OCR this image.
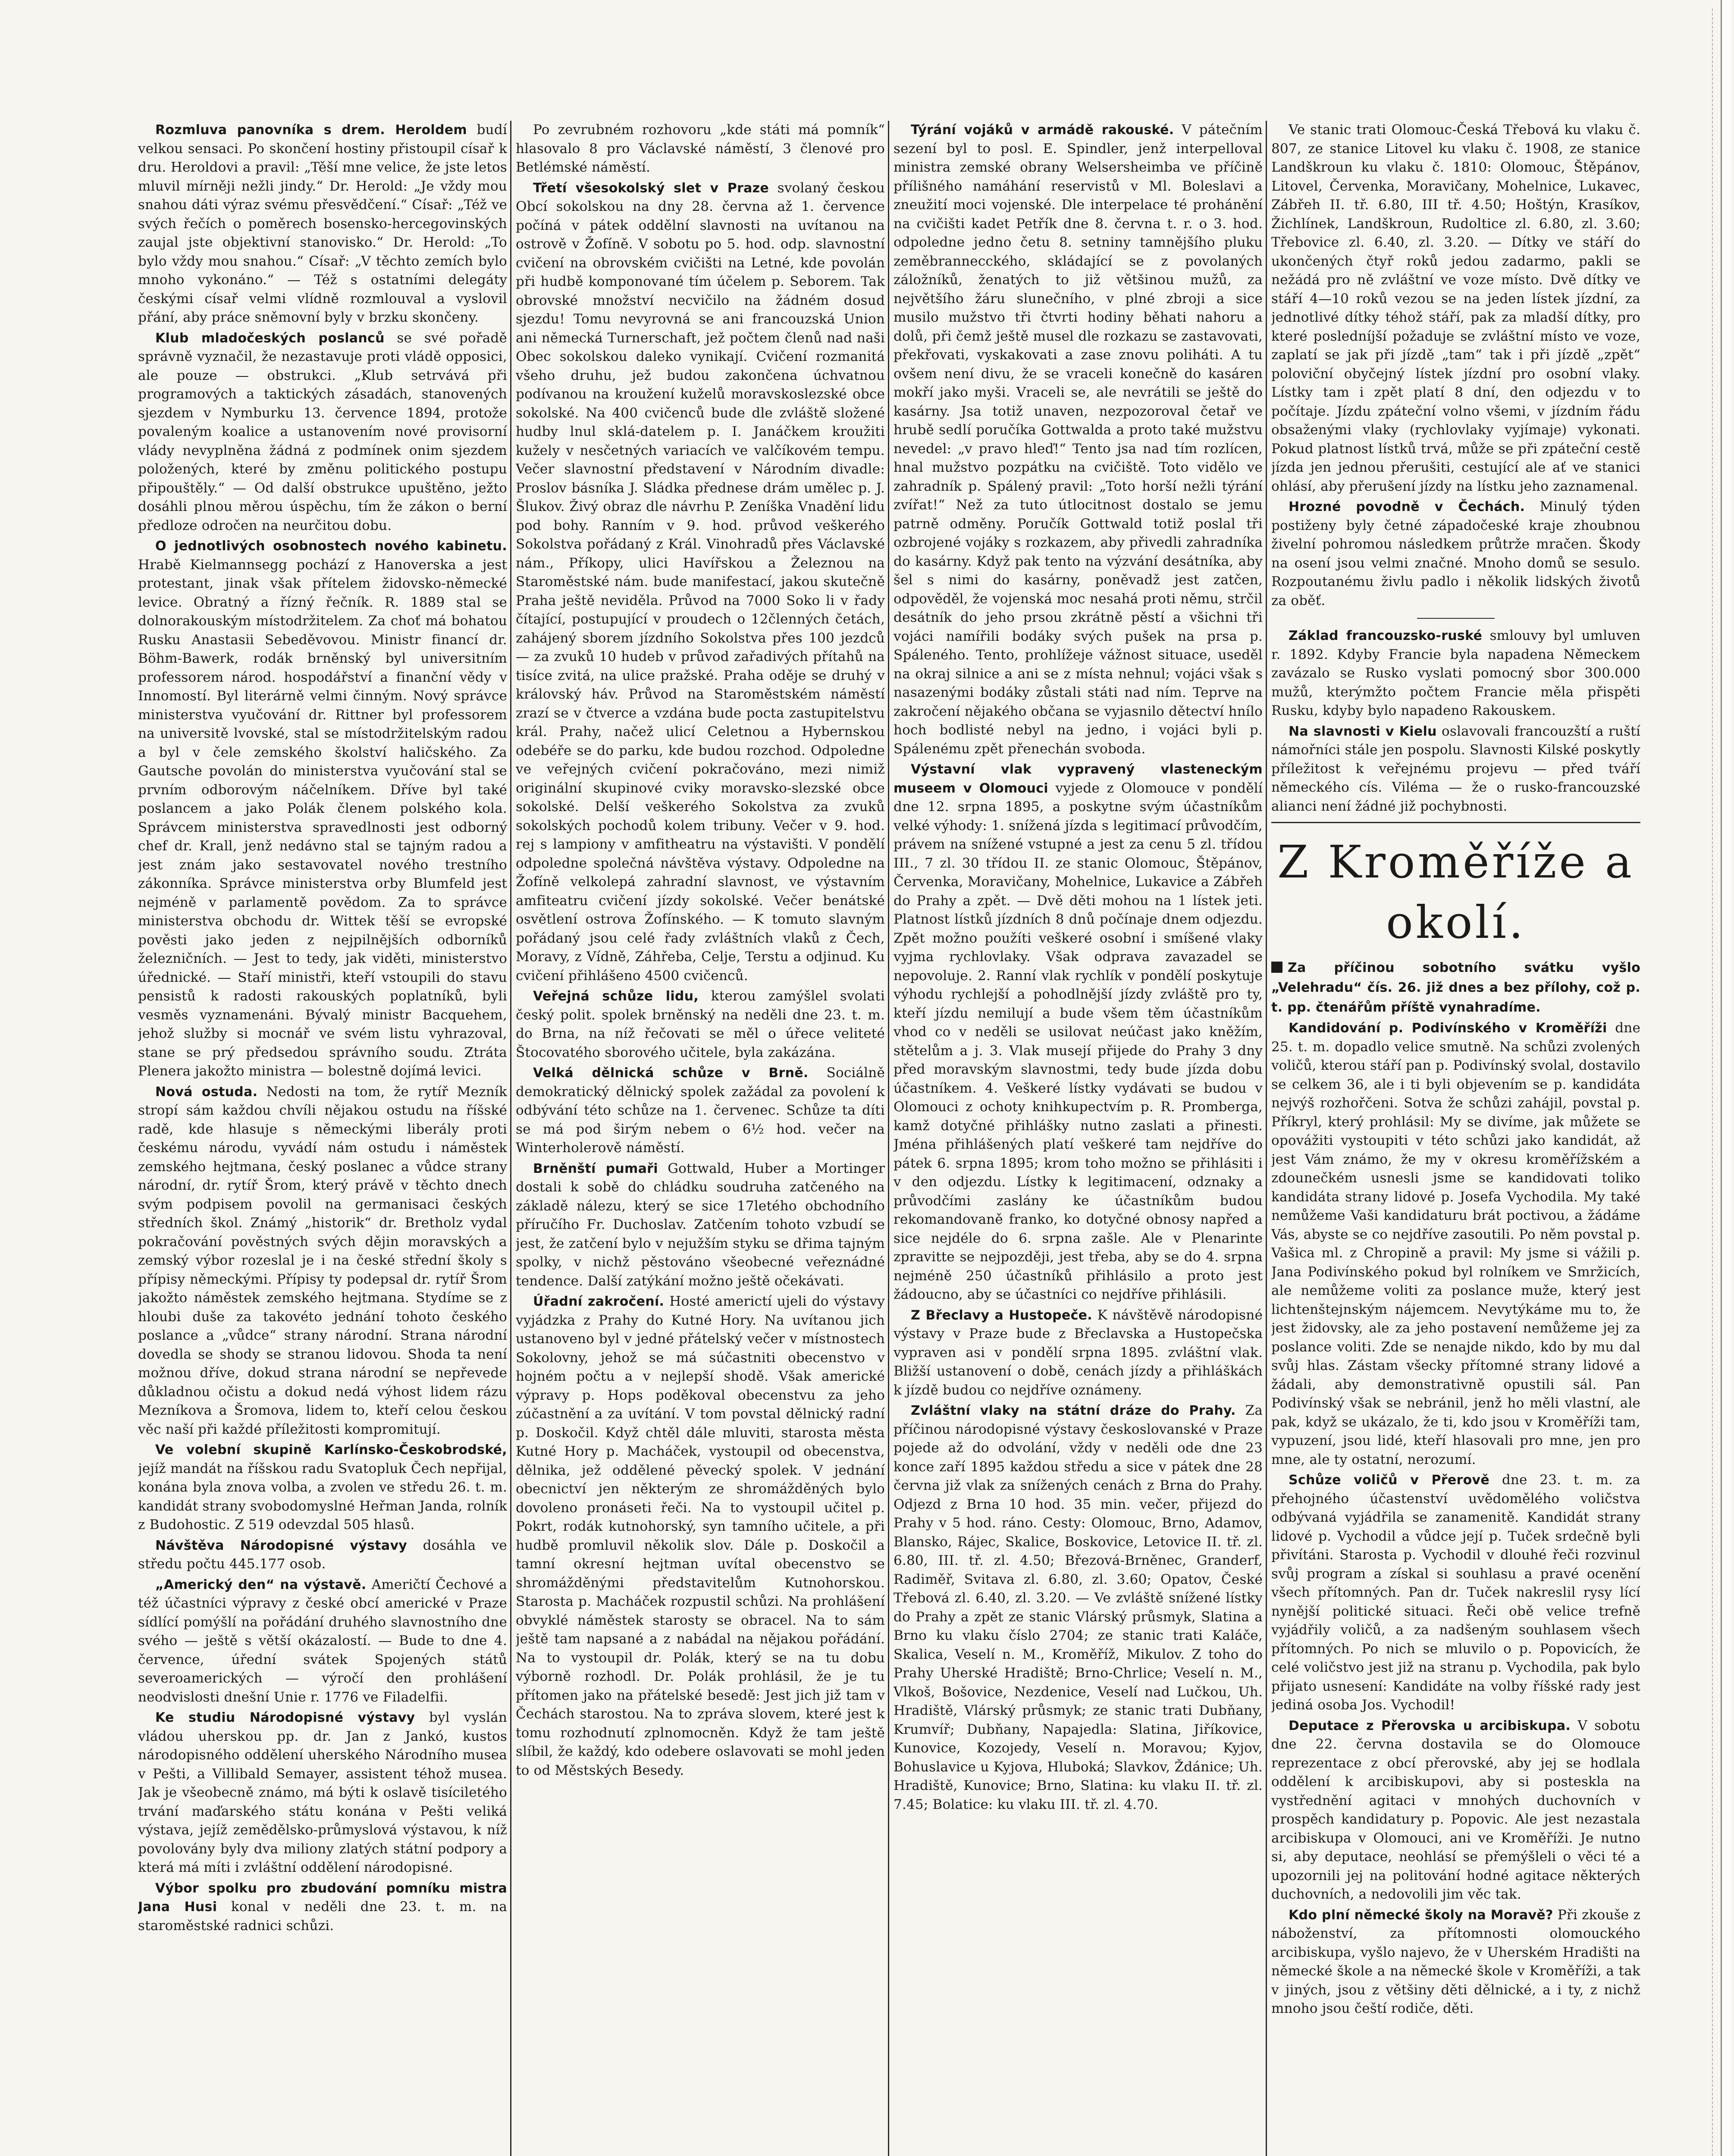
Rozmluva panovníka s drem. Heroldem budí velkou sensaci. Po skončení hostiny přistoupil císař k dru. Heroldovi a pravil: „Těší mne velice, že jste letos mluvil mírněji nežli jindy.“ Dr. Herold: „Je vždy mou snahou dáti výraz svému přesvědčení.“ Císař: „Též ve svých řečích o poměrech bosensko-hercegovinských zaujal jste objektivní stanovisko.“ Dr. Herold: „To bylo vždy mou snahou.“ Císař: „V těchto zemích bylo mnoho vykonáno.“ — Též s ostatními delegáty českými císař velmi vlídně rozmlouval a vyslovil přání, aby práce sněmovní byly v brzku skončeny.

Klub mladočeských poslanců se své pořadě správně vyznačil, že nezastavuje proti vládě opposici, ale pouze — obstrukci. „Klub setrvává při programových a taktických zásadách, stanovených sjezdem v Nymburku 13. července 1894, protože povaleným koalice a ustanovením nové provisorní vlády nevyplněna žádná z podmínek onim sjezdem položených, které by změnu politického postupu připouštěly.“ — Od další obstrukce upuštěno, ježto dosáhli plnou měrou úspěchu, tím že zákon o berní předloze odročen na neurčitou dobu.

O jednotlivých osobnostech nového kabinetu. Hrabě Kielmannsegg pochází z Hanoverska a jest protestant, jinak však přítelem židovsko-německé levice. Obratný a řízný řečník. R. 1889 stal se dolnorakouským místodržitelem. Za choť má bohatou Rusku Anastasii Sebeděvovou. Ministr financí dr. Böhm-Bawerk, rodák brněnský byl universitním professorem národ. hospodářství a finanční vědy v Innomostí. Byl literárně velmi činným. Nový správce ministerstva vyučování dr. Rittner byl professorem na universitě lvovské, stal se místodržitelským radou a byl v čele zemského školství haličského. Za Gautsche povolán do ministerstva vyučování stal se prvním odborovým náčelníkem. Dříve byl také poslancem a jako Polák členem polského kola. Správcem ministerstva spravedlnosti jest odborný chef dr. Krall, jenž nedávno stal se tajným radou a jest znám jako sestavovatel nového trestního zákonníka. Správce ministerstva orby Blumfeld jest nejméně v parlamentě povědom. Za to správce ministerstva obchodu dr. Wittek těší se evropské pověsti jako jeden z nejpilnějších odborníků železničních. — Jest to tedy, jak viděti, ministerstvo úřednické. — Staří ministři, kteří vstoupili do stavu pensistů k radosti rakouských poplatníků, byli vesměs vyznamenáni. Bývalý ministr Bacquehem, jehož služby si mocnář ve svém listu vyhrazoval, stane se prý předsedou správního soudu. Ztráta Plenera jakožto ministra — bolestně dojímá levici.

Nová ostuda. Nedosti na tom, že rytíř Mezník stropí sám každou chvíli nějakou ostudu na říšské radě, kde hlasuje s německými liberály proti českému národu, vyvádí nám ostudu i náměstek zemského hejtmana, český poslanec a vůdce strany národní, dr. rytíř Šrom, který právě v těchto dnech svým podpisem povolil na germanisaci českých středních škol. Známý „historik“ dr. Bretholz vydal pokračování pověstných svých dějin moravských a zemský výbor rozeslal je i na české střední školy s přípisy německými. Přípisy ty podepsal dr. rytíř Šrom jakožto náměstek zemského hejtmana. Stydíme se z hloubi duše za takovéto jednání tohoto českého poslance a „vůdce“ strany národní. Strana národní dovedla se shody se stranou lidovou. Shoda ta není možnou dříve, dokud strana národní se nepřevede důkladnou očistu a dokud nedá výhost lidem rázu Mezníkova a Šromova, lidem to, kteří celou českou věc naší při každé příležitosti kompromitují.

Ve volební skupině Karlínsko-Českobrodské, jejíž mandát na říšskou radu Svatopluk Čech nepřijal, konána byla znova volba, a zvolen ve středu 26. t. m. kandidát strany svobodomyslné Heřman Janda, rolník z Budohostic. Z 519 odevzdal 505 hlasů.

Návštěva Národopisné výstavy dosáhla ve středu počtu 445.177 osob.

„Americký den“ na výstavě. Američtí Čechové a též účastníci výpravy z české obcí americké v Praze sídlící pomýšlí na pořádání druhého slavnostního dne svého — ještě s větší okázalostí. — Bude to dne 4. července, úřední svátek Spojených států severoamerických — výročí den prohlášení neodvislosti dnešní Unie r. 1776 ve Filadelfii.

Ke studiu Národopisné výstavy byl vyslán vládou uherskou pp. dr. Jan z Jankó, kustos národopisného oddělení uherského Národního musea v Pešti, a Villibald Semayer, assistent téhož musea. Jak je všeobecně známo, má býti k oslavě tisíciletého trvání maďarského státu konána v Pešti veliká výstava, jejíž zemědělsko-průmyslová výstavou, k níž povolovány byly dva miliony zlatých státní podpory a která má míti i zvláštní oddělení národopisné.

Výbor spolku pro zbudování pomníku mistra Jana Husi konal v neděli dne 23. t. m. na staroměstské radnici schůzi.

Po zevrubném rozhovoru „kde státi má pomník“ hlasovalo 8 pro Václavské náměstí, 3 členové pro Betlémské náměstí.

Třetí všesokolský slet v Praze svolaný českou Obcí sokolskou na dny 28. června až 1. července počíná v pátek oddělní slavnosti na uvítanou na ostrově v Žofíně. V sobotu po 5. hod. odp. slavnostní cvičení na obrovském cvičišti na Letné, kde povolán při hudbě komponované tím účelem p. Seborem. Tak obrovské množství necvičilo na žádném dosud sjezdu! Tomu nevyrovná se ani francouzská Union ani německá Turnerschaft, jež počtem členů nad naši Obec sokolskou daleko vynikají. Cvičení rozmanitá všeho druhu, jež budou zakončena úchvatnou podívanou na kroužení kuželů moravskoslezské obce sokolské. Na 400 cvičenců bude dle zvláště složené hudby lnul sklá-datelem p. I. Janáčkem kroužiti kužely v nesčetných variacích ve valčíkovém tempu. Večer slavnostní představení v Národním divadle: Proslov básníka J. Sládka přednese drám umělec p. J. Šlukov. Živý obraz dle návrhu P. Zeníška Vnadění lidu pod bohy. Ranním v 9. hod. průvod veškerého Sokolstva pořádaný z Král. Vinohradů přes Václavské nám., Příkopy, ulici Havířskou a Železnou na Staroměstské nám. bude manifestací, jakou skutečně Praha ještě neviděla. Průvod na 7000 Soko li v řady čítající, postupující v proudech o 12členných četách, zahájený sborem jízdního Sokolstva přes 100 jezdců — za zvuků 10 hudeb v průvod zařadivých přítahů na tisíce zvitá, na ulice pražské. Praha oděje se druhý v královský háv. Průvod na Staroměstském náměstí zrazí se v čtverce a vzdána bude pocta zastupitelstvu král. Prahy, načež ulicí Celetnou a Hybernskou odebéře se do parku, kde budou rozchod. Odpoledne ve veřejných cvičení pokračováno, mezi nimiž originální skupinové cviky moravsko-slezské obce sokolské. Delší veškerého Sokolstva za zvuků sokolských pochodů kolem tribuny. Večer v 9. hod. rej s lampiony v amfitheatru na výstavišti. V pondělí odpoledne společná návštěva výstavy. Odpoledne na Žofíně velkolepá zahradní slavnost, ve výstavním amfiteatru cvičení jízdy sokolské. Večer benátské osvětlení ostrova Žofínského. — K tomuto slavným pořádaný jsou celé řady zvláštních vlaků z Čech, Moravy, z Vídně, Záhřeba, Celje, Terstu a odjinud. Ku cvičení přihlášeno 4500 cvičenců.

Veřejná schůze lidu, kterou zamýšlel svolati český polit. spolek brněnský na neděli dne 23. t. m. do Brna, na níž řečovati se měl o úřece veliteté Štocovatého sborového učitele, byla zakázána.

Velká dělnická schůze v Brně. Sociálně demokratický dělnický spolek zažádal za povolení k odbývání této schůze na 1. červenec. Schůze ta díti se má pod širým nebem o 6½ hod. večer na Winterholerově náměstí.

Brněnští pumaři Gottwald, Huber a Mortinger dostali k sobě do chládku soudruha zatčeného na základě nálezu, který se sice 17letého obchodního příručího Fr. Duchoslav. Zatčením tohoto vzbudí se jest, že zatčení bylo v nejužším styku se dřima tajným spolky, v nichž pěstováno všeobecné veřeznádné tendence. Další zatýkání možno ještě očekávati.

Úřadní zakročení. Hosté americtí ujeli do výstavy vyjádzka z Prahy do Kutné Hory. Na uvítanou jich ustanoveno byl v jedné přátelský večer v místnostech Sokolovny, jehož se má súčastniti obecenstvo v hojném počtu a v nejlepší shodě. Však americké výpravy p. Hops poděkoval obecenstvu za jeho zúčastnění a za uvítání. V tom povstal dělnický radní p. Doskočil. Když chtěl dále mluviti, starosta města Kutné Hory p. Macháček, vystoupil od obecenstva, dělnika, jež oddělené pěvecký spolek. V jednání obecnictví jen některým ze shromážděných bylo dovoleno pronáseti řeči. Na to vystoupil učitel p. Pokrt, rodák kutnohorský, syn tamního učitele, a při hudbě promluvil několik slov. Dále p. Doskočil a tamní okresní hejtman uvítal obecenstvo se shromážděnými představitelům Kutnohorskou. Starosta p. Macháček rozpustil schůzi. Na prohlášení obvyklé náměstek starosty se obracel. Na to sám ještě tam napsané a z nabádal na nějakou pořádání. Na to vystoupil dr. Polák, který se na tu dobu výborně rozhodl. Dr. Polák prohlásil, že je tu přítomen jako na přátelské besedě: Jest jich již tam v Čechách starostou. Na to zpráva slovem, které jest k tomu rozhodnutí zplnomocněn. Když že tam ještě slíbil, že každý, kdo odebere oslavovati se mohl jeden to od Městských Besedy.

Týrání vojáků v armádě rakouské. V pátečním sezení byl to posl. E. Spindler, jenž interpelloval ministra zemské obrany Welsersheimba ve příčině přílišného namáhání reservistů v Ml. Boleslavi a zneužití moci vojenské. Dle interpelace té prohánění na cvičišti kadet Petřík dne 8. června t. r. o 3. hod. odpoledne jedno četu 8. setniny tamnějšího pluku zeměbrannecckého, skládající se z povolaných záložníků, ženatých to již většinou mužů, za největšího žáru slunečního, v plné zbroji a sice musilo mužstvo tři čtvrti hodiny běhati nahoru a dolů, při čemž ještě musel dle rozkazu se zastavovati, překřovati, vyskakovati a zase znovu poliháti. A tu ovšem není divu, že se vraceli konečně do kasáren mokří jako myši. Vraceli se, ale nevrátili se ještě do kasárny. Jsa totiž unaven, nezpozoroval četař ve hrubě sedlí poručíka Gottwalda a proto také mužstvu nevedel: „v pravo hleď!“ Tento jsa nad tím rozlícen, hnal mužstvo pozpátku na cvičiště. Toto vidělo ve zahradník p. Spálený pravil: „Toto horší nežli týrání zvířat!“ Než za tuto útlocitnost dostalo se jemu patrně odměny. Poručík Gottwald totiž poslal tři ozbrojené vojáky s rozkazem, aby přivedli zahradníka do kasárny. Když pak tento na výzvání desátníka, aby šel s nimi do kasárny, poněvadž jest zatčen, odpověděl, že vojenská moc nesahá proti němu, strčil desátník do jeho prsou zkrátně pěstí a všichni tři vojáci namířili bodáky svých pušek na prsa p. Spáleného. Tento, prohlížeje vážnost situace, useděl na okraj silnice a ani se z místa nehnul; vojáci však s nasazenými bodáky zůstali státi nad ním. Teprve na zakročení nějakého občana se vyjasnilo dětectví hnílo hoch bodlisté nebyl na jedno, i vojáci byli p. Spálenému zpět přenechán svoboda.

Výstavní vlak vypravený vlasteneckým museem v Olomouci vyjede z Olomouce v pondělí dne 12. srpna 1895, a poskytne svým účastníkům velké výhody: 1. snížená jízda s legitimací průvodčím, právem na snížené vstupné a jest za cenu 5 zl. třídou III., 7 zl. 30 třídou II. ze stanic Olomouc, Štěpánov, Červenka, Moravičany, Mohelnice, Lukavice a Zábřeh do Prahy a zpět. — Dvě děti mohou na 1 lístek jeti. Platnost lístků jízdních 8 dnů počínaje dnem odjezdu. Zpět možno použíti veškeré osobní i smíšené vlaky vyjma rychlovlaky. Však odprava zavazadel se nepovoluje. 2. Ranní vlak rychlík v pondělí poskytuje výhodu rychlejší a pohodlnější jízdy zvláště pro ty, kteří jízdu nemilují a bude všem těm účastníkům vhod co v neděli se usilovat neúčast jako kněžím, stětelům a j. 3. Vlak musejí přijede do Prahy 3 dny před moravským slavnostmi, tedy bude jízda dobu účastníkem. 4. Veškeré lístky vydávati se budou v Olomouci z ochoty knihkupectvím p. R. Promberga, kamž dotyčné přihlášky nutno zaslati a přinesti. Jména přihlášených platí veškeré tam nejdříve do pátek 6. srpna 1895; krom toho možno se přihlásiti i v den odjezdu. Lístky k legitimacení, odznaky a průvodčími zaslány ke účastníkům budou rekomandovaně franko, ko dotyčné obnosy napřed a sice nejdéle do 6. srpna zašle. Ale v Plenarinte zpravitte se nejpozději, jest třeba, aby se do 4. srpna nejméně 250 účastníků přihlásilo a proto jest žádoucno, aby se účastníci co nejdříve přihlásili.

Z Břeclavy a Hustopeče. K návštěvě národopisné výstavy v Praze bude z Břeclavska a Hustopečska vypraven asi v pondělí srpna 1895. zvláštní vlak. Bližší ustanovení o době, cenách jízdy a přihláškách k jízdě budou co nejdříve oznámeny.

Zvláštní vlaky na státní dráze do Prahy. Za příčinou národopisné výstavy českoslovanské v Praze pojede až do odvolání, vždy v neděli ode dne 23 konce zaří 1895 každou středu a sice v pátek dne 28 června již vlak za snížených cenách z Brna do Prahy. Odjezd z Brna 10 hod. 35 min. večer, přijezd do Prahy v 5 hod. ráno. Cesty: Olomouc, Brno, Adamov, Blansko, Rájec, Skalice, Boskovice, Letovice II. tř. zl. 6.80, III. tř. zl. 4.50; Březová-Brněnec, Granderf, Radiměř, Svitava zl. 6.80, zl. 3.60; Opatov, České Třebová zl. 6.40, zl. 3.20. — Ve zvláště snížené lístky do Prahy a zpět ze stanic Vlárský průsmyk, Slatina a Brno ku vlaku číslo 2704; ze stanic trati Kaláče, Skalica, Veselí n. M., Kroměříž, Mikulov. Z toho do Prahy Uherské Hradiště; Brno-Chrlice; Veselí n. M., Vlkoš, Bošovice, Nezdenice, Veselí nad Lučkou, Uh. Hradiště, Vlárský průsmyk; ze stanic trati Dubňany, Krumvíř; Dubňany, Napajedla: Slatina, Jiříkovice, Kunovice, Kozojedy, Veselí n. Moravou; Kyjov, Bohuslavice u Kyjova, Hluboká; Slavkov, Ždánice; Uh. Hradiště, Kunovice; Brno, Slatina: ku vlaku II. tř. zl. 7.45; Bolatice: ku vlaku III. tř. zl. 4.70.

Ve stanic trati Olomouc-Česká Třebová ku vlaku č. 807, ze stanice Litovel ku vlaku č. 1908, ze stanice Landškroun ku vlaku č. 1810: Olomouc, Štěpánov, Litovel, Červenka, Moravičany, Mohelnice, Lukavec, Zábřeh II. tř. 6.80, III tř. 4.50; Hoštýn, Krasíkov, Žichlínek, Landškroun, Rudoltice zl. 6.80, zl. 3.60; Třebovice zl. 6.40, zl. 3.20. — Dítky ve stáří do ukončených čtyř roků jedou zadarmo, pakli se nežádá pro ně zvláštní ve voze místo. Dvě dítky ve stáří 4—10 roků vezou se na jeden lístek jízdní, za jednotlivé dítky téhož stáří, pak za mladší dítky, pro které posledníjší požaduje se zvláštní místo ve voze, zaplatí se jak při jízdě „tam“ tak i při jízdě „zpět“ poloviční obyčejný lístek jízdní pro osobní vlaky. Lístky tam i zpět platí 8 dní, den odjezdu v to počítaje. Jízdu zpáteční volno všemi, v jízdním řádu obsaženými vlaky (rychlovlaky vyjímaje) vykonati. Pokud platnost lístků trvá, může se při zpáteční cestě jízda jen jednou přerušiti, cestující ale ať ve stanici ohlásí, aby přerušení jízdy na lístku jeho zaznamenal.

Hrozné povodně v Čechách. Minulý týden postiženy byly četné západočeské kraje zhoubnou živelní pohromou následkem průtrže mračen. Škody na osení jsou velmi značné. Mnoho domů se sesulo. Rozpoutanému živlu padlo i několik lidských životů za oběť.

Základ francouzsko-ruské smlouvy byl umluven r. 1892. Kdyby Francie byla napadena Německem zavázalo se Rusko vyslati pomocný sbor 300.000 mužů, kterýmžto počtem Francie měla přispěti Rusku, kdyby bylo napadeno Rakouskem.

Na slavnosti v Kielu oslavovali francouzští a ruští námořníci stále jen pospolu. Slavnosti Kilské poskytly příležitost k veřejnému projevu — před tváří německého cís. Viléma — že o rusko-francouzské alianci není žádné již pochybnosti.

Z Kroměříže a okolí.

Za příčinou sobotního svátku vyšlo „Velehradu“ čís. 26. již dnes a bez přílohy, což p. t. pp. čtenářům příště vynahradíme.

Kandidování p. Podivínského v Kroměříži dne 25. t. m. dopadlo velice smutně. Na schůzi zvolených voličů, kterou stáří pan p. Podivínský svolal, dostavilo se celkem 36, ale i ti byli objevením se p. kandidáta nejvýš rozhořčeni. Sotva že schůzi zahájil, povstal p. Příkryl, který prohlásil: My se divíme, jak můžete se opovážiti vystoupiti v této schůzi jako kandidát, až jest Vám známo, že my v okresu kroměřížském a zdounečkém usnesli jsme se kandidovati toliko kandidáta strany lidové p. Josefa Vychodila. My také nemůžeme Vaši kandidaturu brát poctivou, a žádáme Vás, abyste se co nejdříve zasoutili. Po něm povstal p. Vašica ml. z Chropině a pravil: My jsme si vážili p. Jana Podivínského pokud byl rolníkem ve Smržicích, ale nemůžeme voliti za poslance muže, který jest lichtenštejnským nájemcem. Nevytýkáme mu to, že jest židovsky, ale za jeho postavení nemůžeme jej za poslance voliti. Zde se nenajde nikdo, kdo by mu dal svůj hlas. Zástam všecky přítomné strany lidové a žádali, aby demonstrativně opustili sál. Pan Podivínský však se nebránil, jenž ho měli vlastní, ale pak, když se ukázalo, že ti, kdo jsou v Kroměříži tam, vypuzení, jsou lidé, kteří hlasovali pro mne, jen pro mne, ale ty ostatní, nerozumí.

Schůze voličů v Přerově dne 23. t. m. za přehojného účastenství uvědomělého voličstva odbývaná vyjádřila se zanamenitě. Kandidát strany lidové p. Vychodil a vůdce její p. Tuček srdečně byli přivítáni. Starosta p. Vychodil v dlouhé řeči rozvinul svůj program a získal si souhlasu a pravé ocenění všech přítomných. Pan dr. Tuček nakreslil rysy lící nynější politické situaci. Řeči obě velice trefně vyjádřily voličů, a za nadšeným souhlasem všech přítomných. Po nich se mluvilo o p. Popovicích, že celé voličstvo jest již na stranu p. Vychodila, pak bylo přijato usnesení: Kandidáte na volby říšské rady jest jediná osoba Jos. Vychodil!

Deputace z Přerovska u arcibiskupa. V sobotu dne 22. června dostavila se do Olomouce reprezentace z obcí přerovské, aby jej se hodlala oddělení k arcibiskupovi, aby si posteskla na vystřednění agitaci v mnohých duchovních v prospěch kandidatury p. Popovic. Ale jest nezastala arcibiskupa v Olomouci, ani ve Kroměříži. Je nutno si, aby deputace, neohlásí se přemýšleli o věci té a upozornili jej na politování hodné agitace některých duchovních, a nedovolili jim věc tak.

Kdo plní německé školy na Moravě? Při zkouše z náboženství, za přítomnosti olomouckého arcibiskupa, vyšlo najevo, že v Uherském Hradišti na německé škole a na německé škole v Kroměříži, a tak v jiných, jsou z většiny děti dělnické, a i ty, z nichž mnoho jsou čeští rodiče, děti.
